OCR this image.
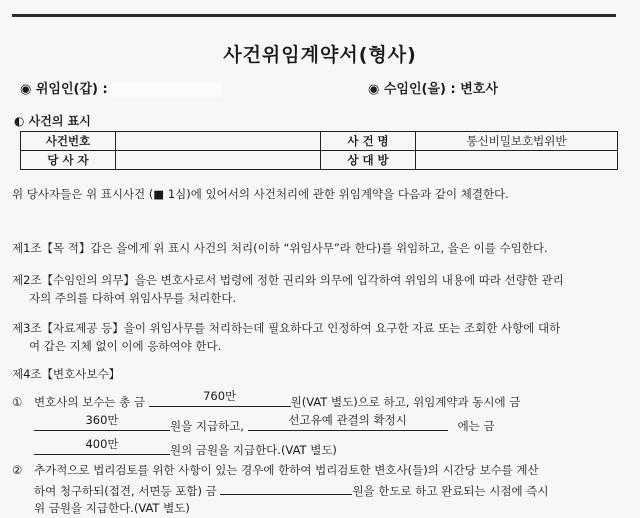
사건위임계약서(형사)
◉ 위임인(갑) :	◉ 수임인(을) : 변호사
◐ 사건의 표시
사건번호		사 건 명	통신비밀보호법위반
당 사 자		상 대 방	
위 당사자들은 위 표시사건 (■ 1심)에 있어서의 사건처리에 관한 위임계약을 다음과 같이 체결한다.
제1조【목 적】갑은 을에게 위 표시 사건의 처리(이하 “위임사무”라 한다)를 위임하고, 을은 이를 수임한다.
제2조【수임인의 의무】을은 변호사로서 법령에 정한 권리와 의무에 입각하여 위임의 내용에 따라 선량한 관리
자의 주의를 다하여 위임사무를 처리한다.
제3조【자료제공 등】을이 위임사무를 처리하는데 필요하다고 인정하여 요구한 자료 또는 조회한 사항에 대하
여 갑은 지체 없이 이에 응하여야 한다.
제4조【변호사보수】
① 변호사의 보수는 총 금	760만	원(VAT 별도)으로 하고, 위임계약과 동시에 금
360만	원을 지급하고,	선고유예 관결의 확정시	에는 금
400만	원의 금원을 지급한다.(VAT 별도)
② 추가적으로 법리검토를 위한 사항이 있는 경우에 한하여 법리검토한 변호사(들)의 시간당 보수를 계산
하여 청구하되(접견, 서면등 포함) 금	원을 한도로 하고 완료되는 시점에 즉시
위 금원을 지급한다.(VAT 별도)
